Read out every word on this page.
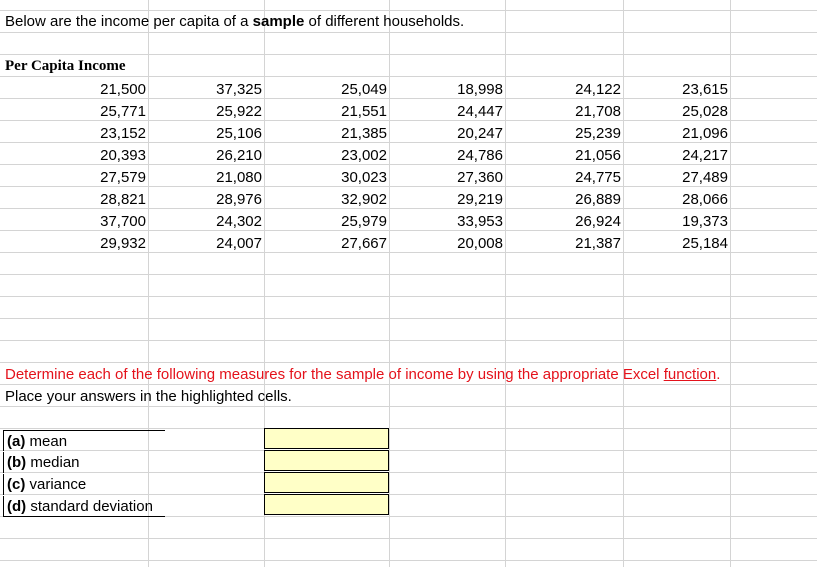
Below are the income per capita of a sample of different households.
Per Capita Income
21,500	37,325	25,049	18,998	24,122	23,615
25,771	25,922	21,551	24,447	21,708	25,028
23,152	25,106	21,385	20,247	25,239	21,096
20,393	26,210	23,002	24,786	21,056	24,217
27,579	21,080	30,023	27,360	24,775	27,489
28,821	28,976	32,902	29,219	26,889	28,066
37,700	24,302	25,979	33,953	26,924	19,373
29,932	24,007	27,667	20,008	21,387	25,184
Determine each of the following measures for the sample of income by using the appropriate Excel function.
Place your answers in the highlighted cells.
(a) mean
(b) median
(c) variance
(d) standard deviation
